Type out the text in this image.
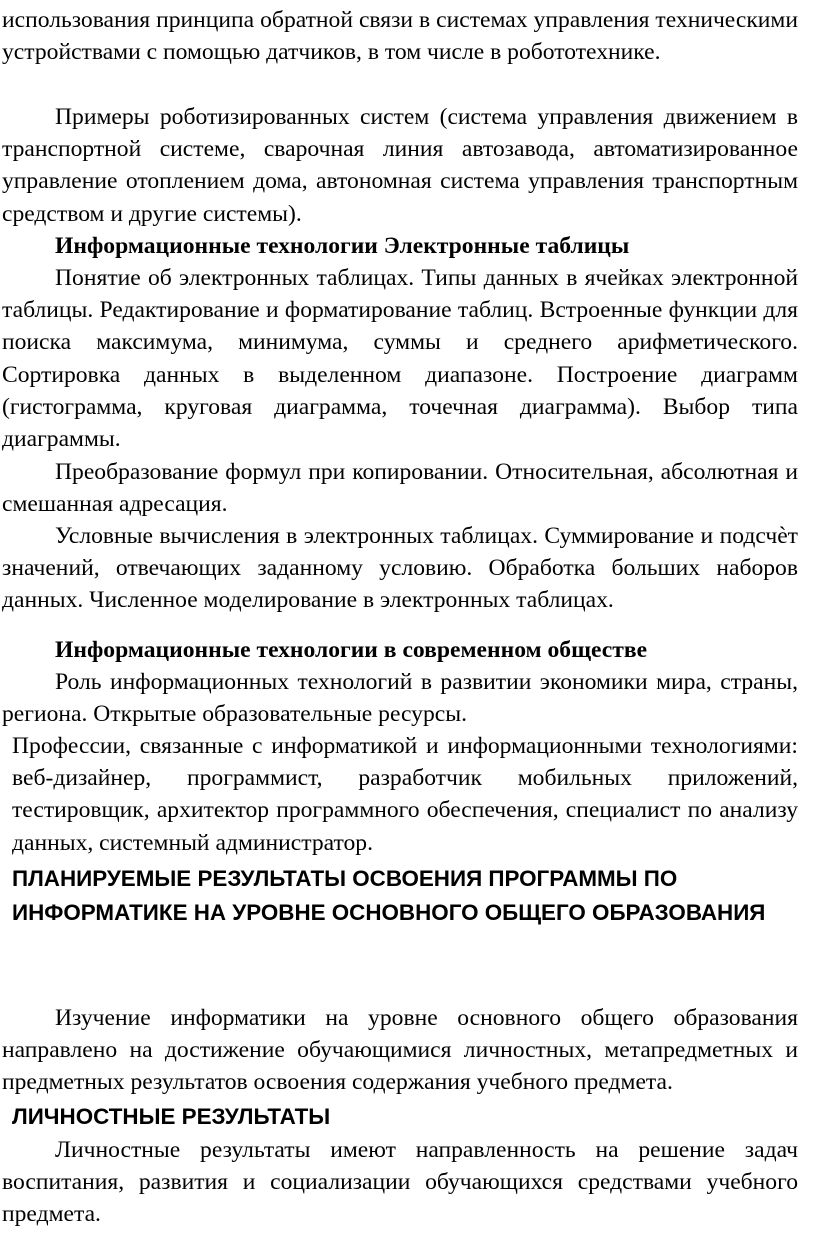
использования принципа обратной связи в системах управления техническими устройствами с помощью датчиков, в том числе в робототехнике.

Примеры роботизированных систем (система управления движением в транспортной системе, сварочная линия автозавода, автоматизированное управление отоплением дома, автономная система управления транспортным средством и другие системы).

Информационные технологии Электронные таблицы

Понятие об электронных таблицах. Типы данных в ячейках электронной таблицы. Редактирование и форматирование таблиц. Встроенные функции для поиска максимума, минимума, суммы и среднего арифметического. Сортировка данных в выделенном диапазоне. Построение диаграмм (гистограмма, круговая диаграмма, точечная диаграмма). Выбор типа диаграммы.

Преобразование формул при копировании. Относительная, абсолютная и смешанная адресация.

Условные вычисления в электронных таблицах. Суммирование и подсчѐт значений, отвечающих заданному условию. Обработка больших наборов данных. Численное моделирование в электронных таблицах.

Информационные технологии в современном обществе

Роль информационных технологий в развитии экономики мира, страны, региона. Открытые образовательные ресурсы.

Профессии, связанные с информатикой и информационными технологиями: веб-дизайнер, программист, разработчик мобильных приложений, тестировщик, архитектор программного обеспечения, специалист по анализу данных, системный администратор.

ПЛАНИРУЕМЫЕ РЕЗУЛЬТАТЫ ОСВОЕНИЯ ПРОГРАММЫ ПО ИНФОРМАТИКЕ НА УРОВНЕ ОСНОВНОГО ОБЩЕГО ОБРАЗОВАНИЯ

Изучение информатики на уровне основного общего образования направлено на достижение обучающимися личностных, метапредметных и предметных результатов освоения содержания учебного предмета.

ЛИЧНОСТНЫЕ РЕЗУЛЬТАТЫ

Личностные результаты имеют направленность на решение задач воспитания, развития и социализации обучающихся средствами учебного предмета.
